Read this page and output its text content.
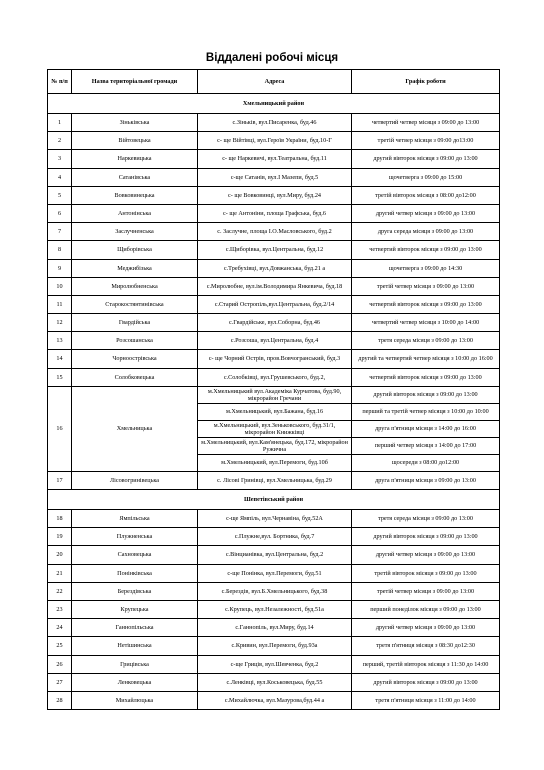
Віддалені робочі місця
№ п/п	Назва територіальної громади	Адреса	Графік роботи
Хмельницький район			
1	Зіньківська	с.Зіньків, вул.Писаренка, буд.46	четвертий четвер місяця з 09:00 до 13:00
2	Війтовецька	с- ще Війтівці, вул.Героїв України, буд.10-Г	третій четвер місяця з 09:00 до13:00
3	Наркевицька	с- ще Наркевичі, вул.Театральна, буд.11	другий вівторок місяця з 09:00 до 13:00
4	Сатанівська	с-ще Сатанів, вул.І Мазепи, буд.5	щочетверга з 09:00 до 15:00
5	Вовковинецька	с- ще Вовковинці, вул.Миру, буд.24	третій вівторок місяця з 08:00 до12:00
6	Антонінська	с- ще Антоніни, площа Графська, буд.6	другий четвер місяця з 09:00 до 13:00
7	Заслучненська	с. Заслучне, площа І.О.Масловського, буд.2	друга середа місяця з 09:00 до 13:00
8	Щиборівська	с.Щиборівка, вул.Центральна, буд.12	четвертий вівторок місяця з 09:00 до 13:00
9	Меджибізька	с.Требухівці, вул.Довжанська, буд.21 а	щочетверга з 09:00 до 14:30
10	Миролюбненська	с.Миролюбне, вул.ім.Володимира Янкевича, буд.18	третій четвер місяця з 09:00 до 13:00
11	Старокостянтинівська	с.Старий Остропіль,вул.Центральна, буд.2/14	четвертий вівторок місяця з 09:00 до 13:00
12	Гвардійська	с.Гвардійське, вул.Соборна, буд.46	четвертий четвер місяця з 10:00 до 14:00
13	Розсошанська	с.Розсоша, вул.Центральна, буд.4	третя середа місяця з 09:00 до 13:00
14	Чорноострівська	с- ще Чорний Острів, пров.Вовчогранський, буд.3	другий та четвертий четвер місяця з 10:00 до 16:00
15	Солобковецька	с.Солобківці, вул.Грушевського, буд.2,	четвертий вівторок місяця з 09:00 до 13:00
16	Хмельницька	м.Хмельницький вул.Академіка Курчатова, буд.90, мікрорайон Гречани	другий вівторок місяця з 09:00 до 13:00
		м.Хмельницький, вул.Бажана, буд.16	перший та третій четвер місяця з 10:00 до 10:00
		м.Хмельницький, вул.Зеньковського, буд.31/1, мікрорайон Книжківці	друга п'ятниця місяця з 14:00 до 16:00
		м.Хмельницький, вул.Кам'янецька, буд.172, мікрорайон Ружична	перший четвер місяця з 14:00 до 17:00
		м.Хмельницький, вул.Перемоги, буд.10б	щосереди з 08:00 до12:00
17	Лісовогринівецька	с. Лісові Гринівці, вул.Хмельницька, буд.29	друга п'ятниця місяця з 09:00 до 13:00
Шепетівський район			
18	Ямпільська	с-ще Ямпіль, вул.Чернавіна, буд.52А	третя середа місяця з 09:00 до 13:00
19	Плужненська	с.Плужне,вул. Бортника, буд.7	другий вівторок місяця з 09:00 до 13:00
20	Сахновецька	с.Вінцианівка, вул.Центральна, буд.2	другий четвер місяця з 09:00 до 13:00
21	Понінківська	с-ще Понінка, вул.Перемоги, буд.51	третій вівторок місяця з 09:00 до 13:00
22	Берездівська	с.Берездів, вул.Б.Хмельницького, буд.38	третій четвер місяця з 09:00 до 13:00
23	Крупецька	с.Крупець, вул.Незалежності, буд.51а	перший понеділок місяця з 09:00 до 13:00
24	Ганнопільська	с.Ганнопіль, вул.Миру, буд.14	другий четвер місяця з 09:00 до 13:00
25	Нетішинська	с.Кривин, вул.Перемоги, буд.93а	третя п'ятниця місяця з 08:30 до12:30
26	Грицівська	с-ще Гриців, вул.Шевченка, буд.2	перший, третій вівторок місяця з 11:30 до 14:00
27	Ленковецька	с.Ленківці, вул.Коськовецька, буд.55	другий вівторок місяця з 09:00 до 13:00
28	Михайлюцька	с.Михайлючка, вул.Мазурова,буд.44 а	третя п'ятниця місяця з 11:00 до 14:00
